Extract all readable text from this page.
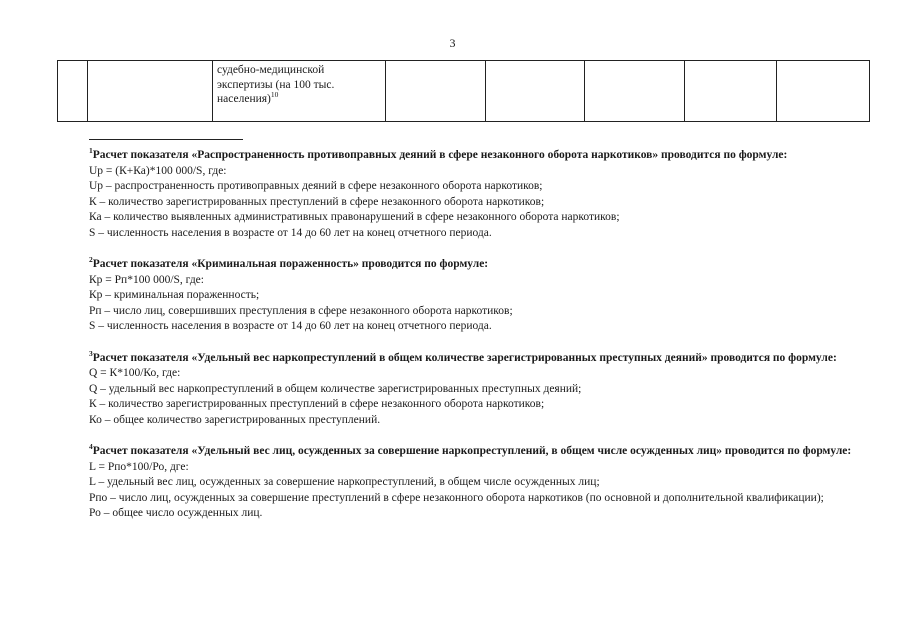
3

судебно-медицинской
экспертизы (на 100 тыс.
населения)$^{10}$

$^1$Расчет показателя «Распространенность противоправных деяний в сфере незаконного оборота наркотиков» проводится по формуле:

Up = (К+Ка)*100 000/S, где:

Up – распространенность противоправных деяний в сфере незаконного оборота наркотиков;

К – количество зарегистрированных преступлений в сфере незаконного оборота наркотиков;

Ка – количество выявленных административных правонарушений в сфере незаконного оборота наркотиков;

S – численность населения в возрасте от 14 до 60 лет на конец отчетного периода.

$^2$Расчет показателя «Криминальная пораженность» проводится по формуле:

Кр = Рп*100 000/S, где:

Кр – криминальная пораженность;

Рп – число лиц, совершивших преступления в сфере незаконного оборота наркотиков;

S – численность населения в возрасте от 14 до 60 лет на конец отчетного периода.

$^3$Расчет показателя «Удельный вес наркопреступлений в общем количестве зарегистрированных преступных деяний» проводится по формуле:

Q = К*100/Ко, где:

Q – удельный вес наркопреступлений в общем количестве зарегистрированных преступных деяний;

К – количество зарегистрированных преступлений в сфере незаконного оборота наркотиков;

Ко – общее количество зарегистрированных преступлений.

$^4$Расчет показателя «Удельный вес лиц, осужденных за совершение наркопреступлений, в общем числе осужденных лиц» проводится по формуле:

L = Рпо*100/Ро, дге:

L – удельный вес лиц, осужденных за совершение наркопреступлений, в общем числе осужденных лиц;

Рпо – число лиц, осужденных за совершение преступлений в сфере незаконного оборота наркотиков (по основной и дополнительной квалификации);

Ро – общее число осужденных лиц.
